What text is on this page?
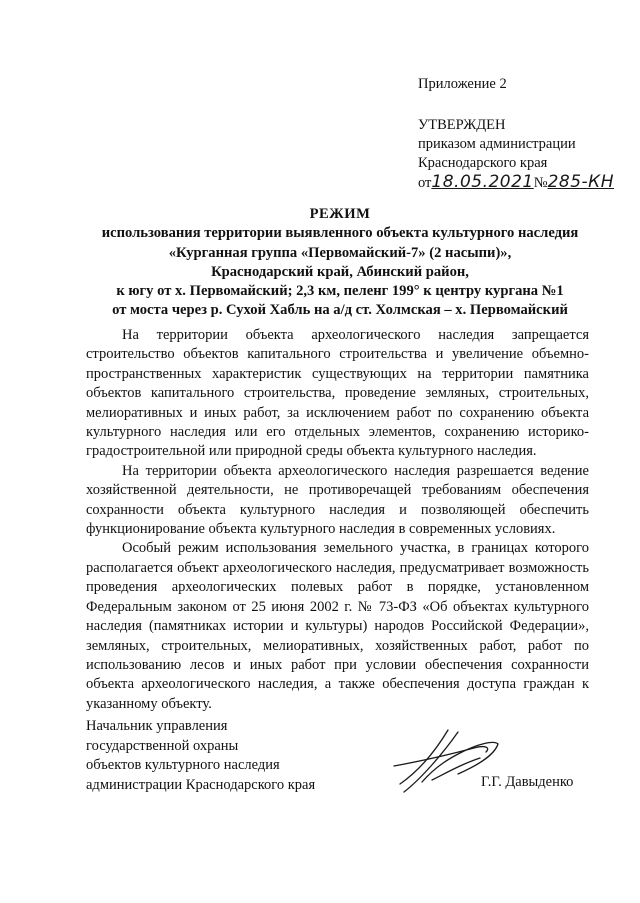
Приложение 2
УТВЕРЖДЕН
приказом администрации
Краснодарского края
от18.05.2021№285-КН
РЕЖИМ
использования территории выявленного объекта культурного наследия
«Курганная группа «Первомайский-7» (2 насыпи)»,
Краснодарский край, Абинский район,
к югу от х. Первомайский; 2,3 км, пеленг 199° к центру кургана №1
от моста через р. Сухой Хабль на а/д ст. Холмская – х. Первомайский

На территории объекта археологического наследия запрещается строительство объектов капитального строительства и увеличение объемно-пространственных характеристик существующих на территории памятника объектов капитального строительства, проведение земляных, строительных, мелиоративных и иных работ, за исключением работ по сохранению объекта культурного наследия или его отдельных элементов, сохранению историко-градостроительной или природной среды объекта культурного наследия.

На территории объекта археологического наследия разрешается ведение хозяйственной деятельности, не противоречащей требованиям обеспечения сохранности объекта культурного наследия и позволяющей обеспечить функционирование объекта культурного наследия в современных условиях.

Особый режим использования земельного участка, в границах которого располагается объект археологического наследия, предусматривает возможность проведения археологических полевых работ в порядке, установленном Федеральным законом от 25 июня 2002 г. № 73-ФЗ «Об объектах культурного наследия (памятниках истории и культуры) народов Российской Федерации», земляных, строительных, мелиоративных, хозяйственных работ, работ по использованию лесов и иных работ при условии обеспечения сохранности объекта археологического наследия, а также обеспечения доступа граждан к указанному объекту.

Начальник управления
государственной охраны
объектов культурного наследия
администрации Краснодарского края	Г.Г. Давыденко
